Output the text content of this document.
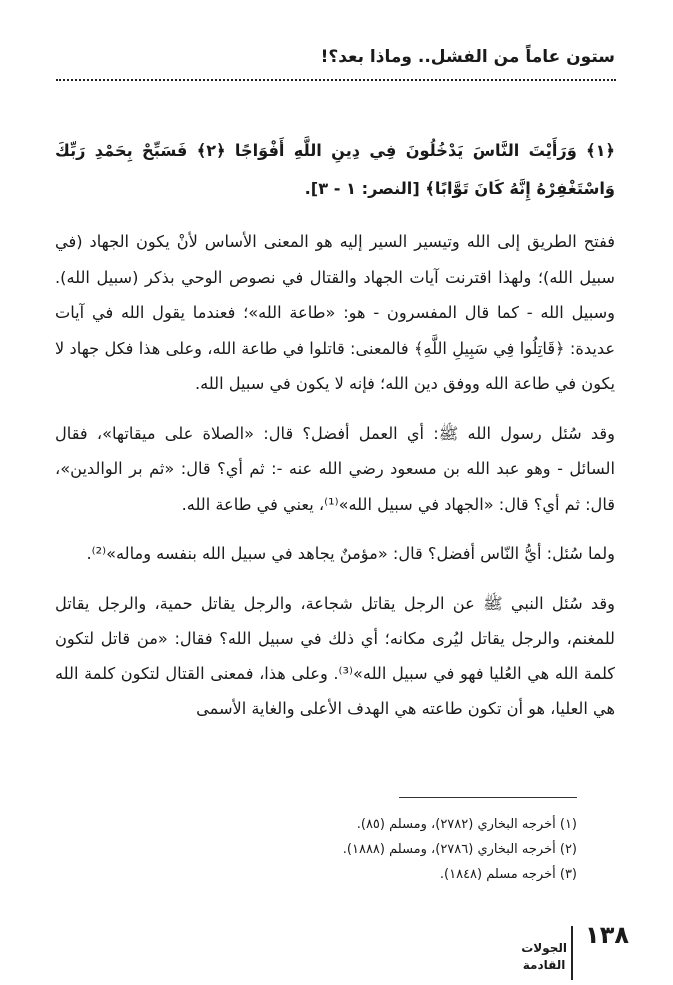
ستون عاماً من الفشل.. وماذا بعد؟!

﴿١﴾ وَرَأَيْتَ النَّاسَ يَدْخُلُونَ فِي دِينِ اللَّهِ أَفْوَاجًا ﴿٢﴾ فَسَبِّحْ بِحَمْدِ رَبِّكَ وَاسْتَغْفِرْهُ إِنَّهُ كَانَ تَوَّابًا﴾ [النصر: ١ - ٣].

ففتح الطريق إلى الله وتيسير السير إليه هو المعنى الأساس لأنْ يكون الجهاد (في سبيل الله)؛ ولهذا اقترنت آيات الجهاد والقتال في نصوص الوحي بذكر (سبيل الله). وسبيل الله - كما قال المفسرون - هو: «طاعة الله»؛ فعندما يقول الله في آيات عديدة: ﴿قَاتِلُوا فِي سَبِيلِ اللَّهِ﴾ فالمعنى: قاتلوا في طاعة الله، وعلى هذا فكل جهاد لا يكون في طاعة الله ووفق دين الله؛ فإنه لا يكون في سبيل الله.

وقد سُئل رسول الله ﷺ: أي العمل أفضل؟ قال: «الصلاة على ميقاتها»، فقال السائل - وهو عبد الله بن مسعود رضي الله عنه -: ثم أي؟ قال: «ثم بر الوالدين»، قال: ثم أي؟ قال: «الجهاد في سبيل الله»⁽¹⁾، يعني في طاعة الله.

ولما سُئل: أيُّ النّاس أفضل؟ قال: «مؤمنٌ يجاهد في سبيل الله بنفسه وماله»⁽²⁾.

وقد سُئل النبي ﷺ عن الرجل يقاتل شجاعة، والرجل يقاتل حمية، والرجل يقاتل للمغنم، والرجل يقاتل ليُرى مكانه؛ أي ذلك في سبيل الله؟ فقال: «من قاتل لتكون كلمة الله هي العُليا فهو في سبيل الله»⁽³⁾. وعلى هذا، فمعنى القتال لتكون كلمة الله هي العليا، هو أن تكون طاعته هي الهدف الأعلى والغاية الأسمى

(١) أخرجه البخاري (٢٧٨٢)، ومسلم (٨٥).
(٢) أخرجه البخاري (٢٧٨٦)، ومسلم (١٨٨٨).
(٣) أخرجه مسلم (١٨٤٨).
١٣٨
الجولات
القادمة
